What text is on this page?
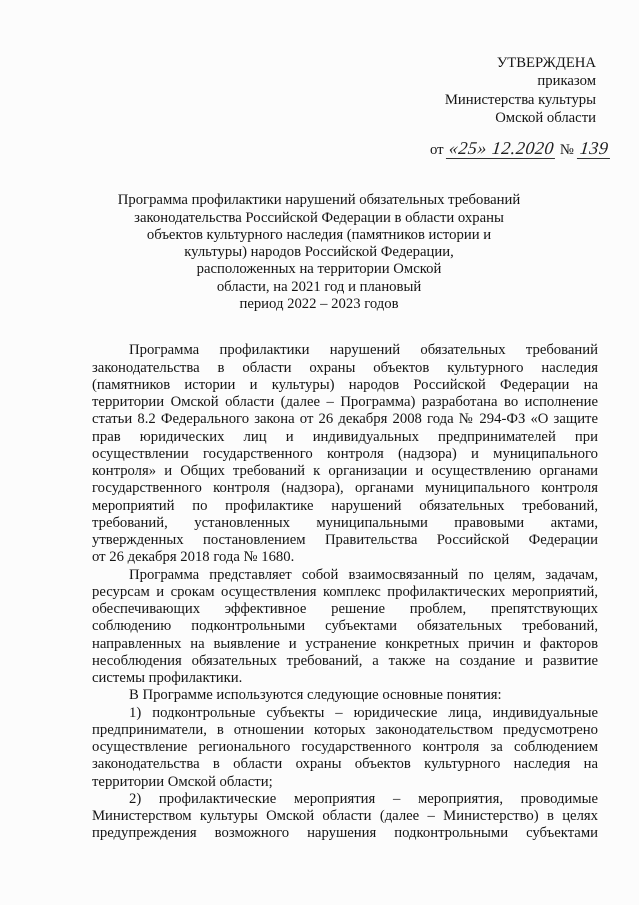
УТВЕРЖДЕНА
приказом
Министерства культуры
Омской области
от «25» 12.2020 № 139
Программа профилактики нарушений обязательных требований
законодательства Российской Федерации в области охраны
объектов культурного наследия (памятников истории и
культуры) народов Российской Федерации,
расположенных на территории Омской
области, на 2021 год и плановый
период 2022 – 2023 годов
Программа профилактики нарушений обязательных требований
законодательства в области охраны объектов культурного наследия
(памятников истории и культуры) народов Российской Федерации на
территории Омской области (далее – Программа) разработана во исполнение
статьи 8.2 Федерального закона от 26 декабря 2008 года № 294-ФЗ «О защите
прав юридических лиц и индивидуальных предпринимателей при
осуществлении государственного контроля (надзора) и муниципального
контроля» и Общих требований к организации и осуществлению органами
государственного контроля (надзора), органами муниципального контроля
мероприятий по профилактике нарушений обязательных требований,
требований, установленных муниципальными правовыми актами,
утвержденных постановлением Правительства Российской Федерации
от 26 декабря 2018 года № 1680.
Программа представляет собой взаимосвязанный по целям, задачам,
ресурсам и срокам осуществления комплекс профилактических мероприятий,
обеспечивающих эффективное решение проблем, препятствующих
соблюдению подконтрольными субъектами обязательных требований,
направленных на выявление и устранение конкретных причин и факторов
несоблюдения обязательных требований, а также на создание и развитие
системы профилактики.
В Программе используются следующие основные понятия:
1) подконтрольные субъекты – юридические лица, индивидуальные
предприниматели, в отношении которых законодательством предусмотрено
осуществление регионального государственного контроля за соблюдением
законодательства в области охраны объектов культурного наследия на
территории Омской области;
2) профилактические мероприятия – мероприятия, проводимые
Министерством культуры Омской области (далее – Министерство) в целях
предупреждения возможного нарушения подконтрольными субъектами
